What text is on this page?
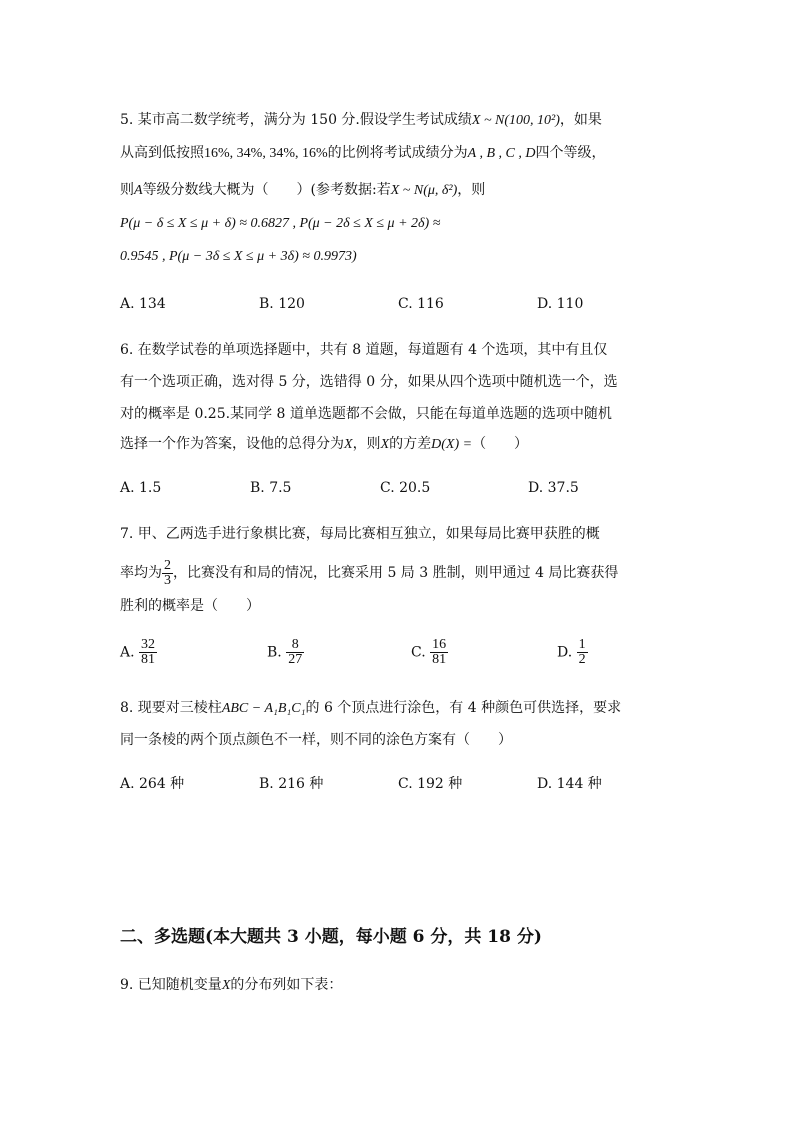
5. 某市高二数学统考，满分为 150 分.假设学生考试成绩X ~ N(100, 10²)，如果
从高到低按照16%, 34%, 34%, 16%的比例将考试成绩分为A , B , C , D四个等级，
则A等级分数线大概为（　　）(参考数据:若X ~ N(μ, δ²)，则
P(μ − δ ≤ X ≤ μ + δ) ≈ 0.6827 , P(μ − 2δ ≤ X ≤ μ + 2δ) ≈
0.9545 , P(μ − 3δ ≤ X ≤ μ + 3δ) ≈ 0.9973)
A. 134	B. 120	C. 116	D. 110
6. 在数学试卷的单项选择题中，共有 8 道题，每道题有 4 个选项，其中有且仅
有一个选项正确，选对得 5 分，选错得 0 分，如果从四个选项中随机选一个，选
对的概率是 0.25.某同学 8 道单选题都不会做，只能在每道单选题的选项中随机
选择一个作为答案，设他的总得分为X，则X的方差D(X) =（　　）
A. 1.5	B. 7.5	C. 20.5	D. 37.5
7. 甲、乙两选手进行象棋比赛，每局比赛相互独立，如果每局比赛甲获胜的概
率均为 $\frac{2}{3}$ ，比赛没有和局的情况，比赛采用 5 局 3 胜制，则甲通过 4 局比赛获得
胜利的概率是（　　）
A. $\frac{32}{81}$	B. $\frac{8}{27}$	C. $\frac{16}{81}$	D. $\frac{1}{2}$
8. 现要对三棱柱ABC − A₁B₁C₁的 6 个顶点进行涂色，有 4 种颜色可供选择，要求
同一条棱的两个顶点颜色不一样，则不同的涂色方案有（　　）
A. 264 种	B. 216 种	C. 192 种	D. 144 种
二、多选题(本大题共 3 小题，每小题 6 分，共 18 分)
9. 已知随机变量X的分布列如下表：
